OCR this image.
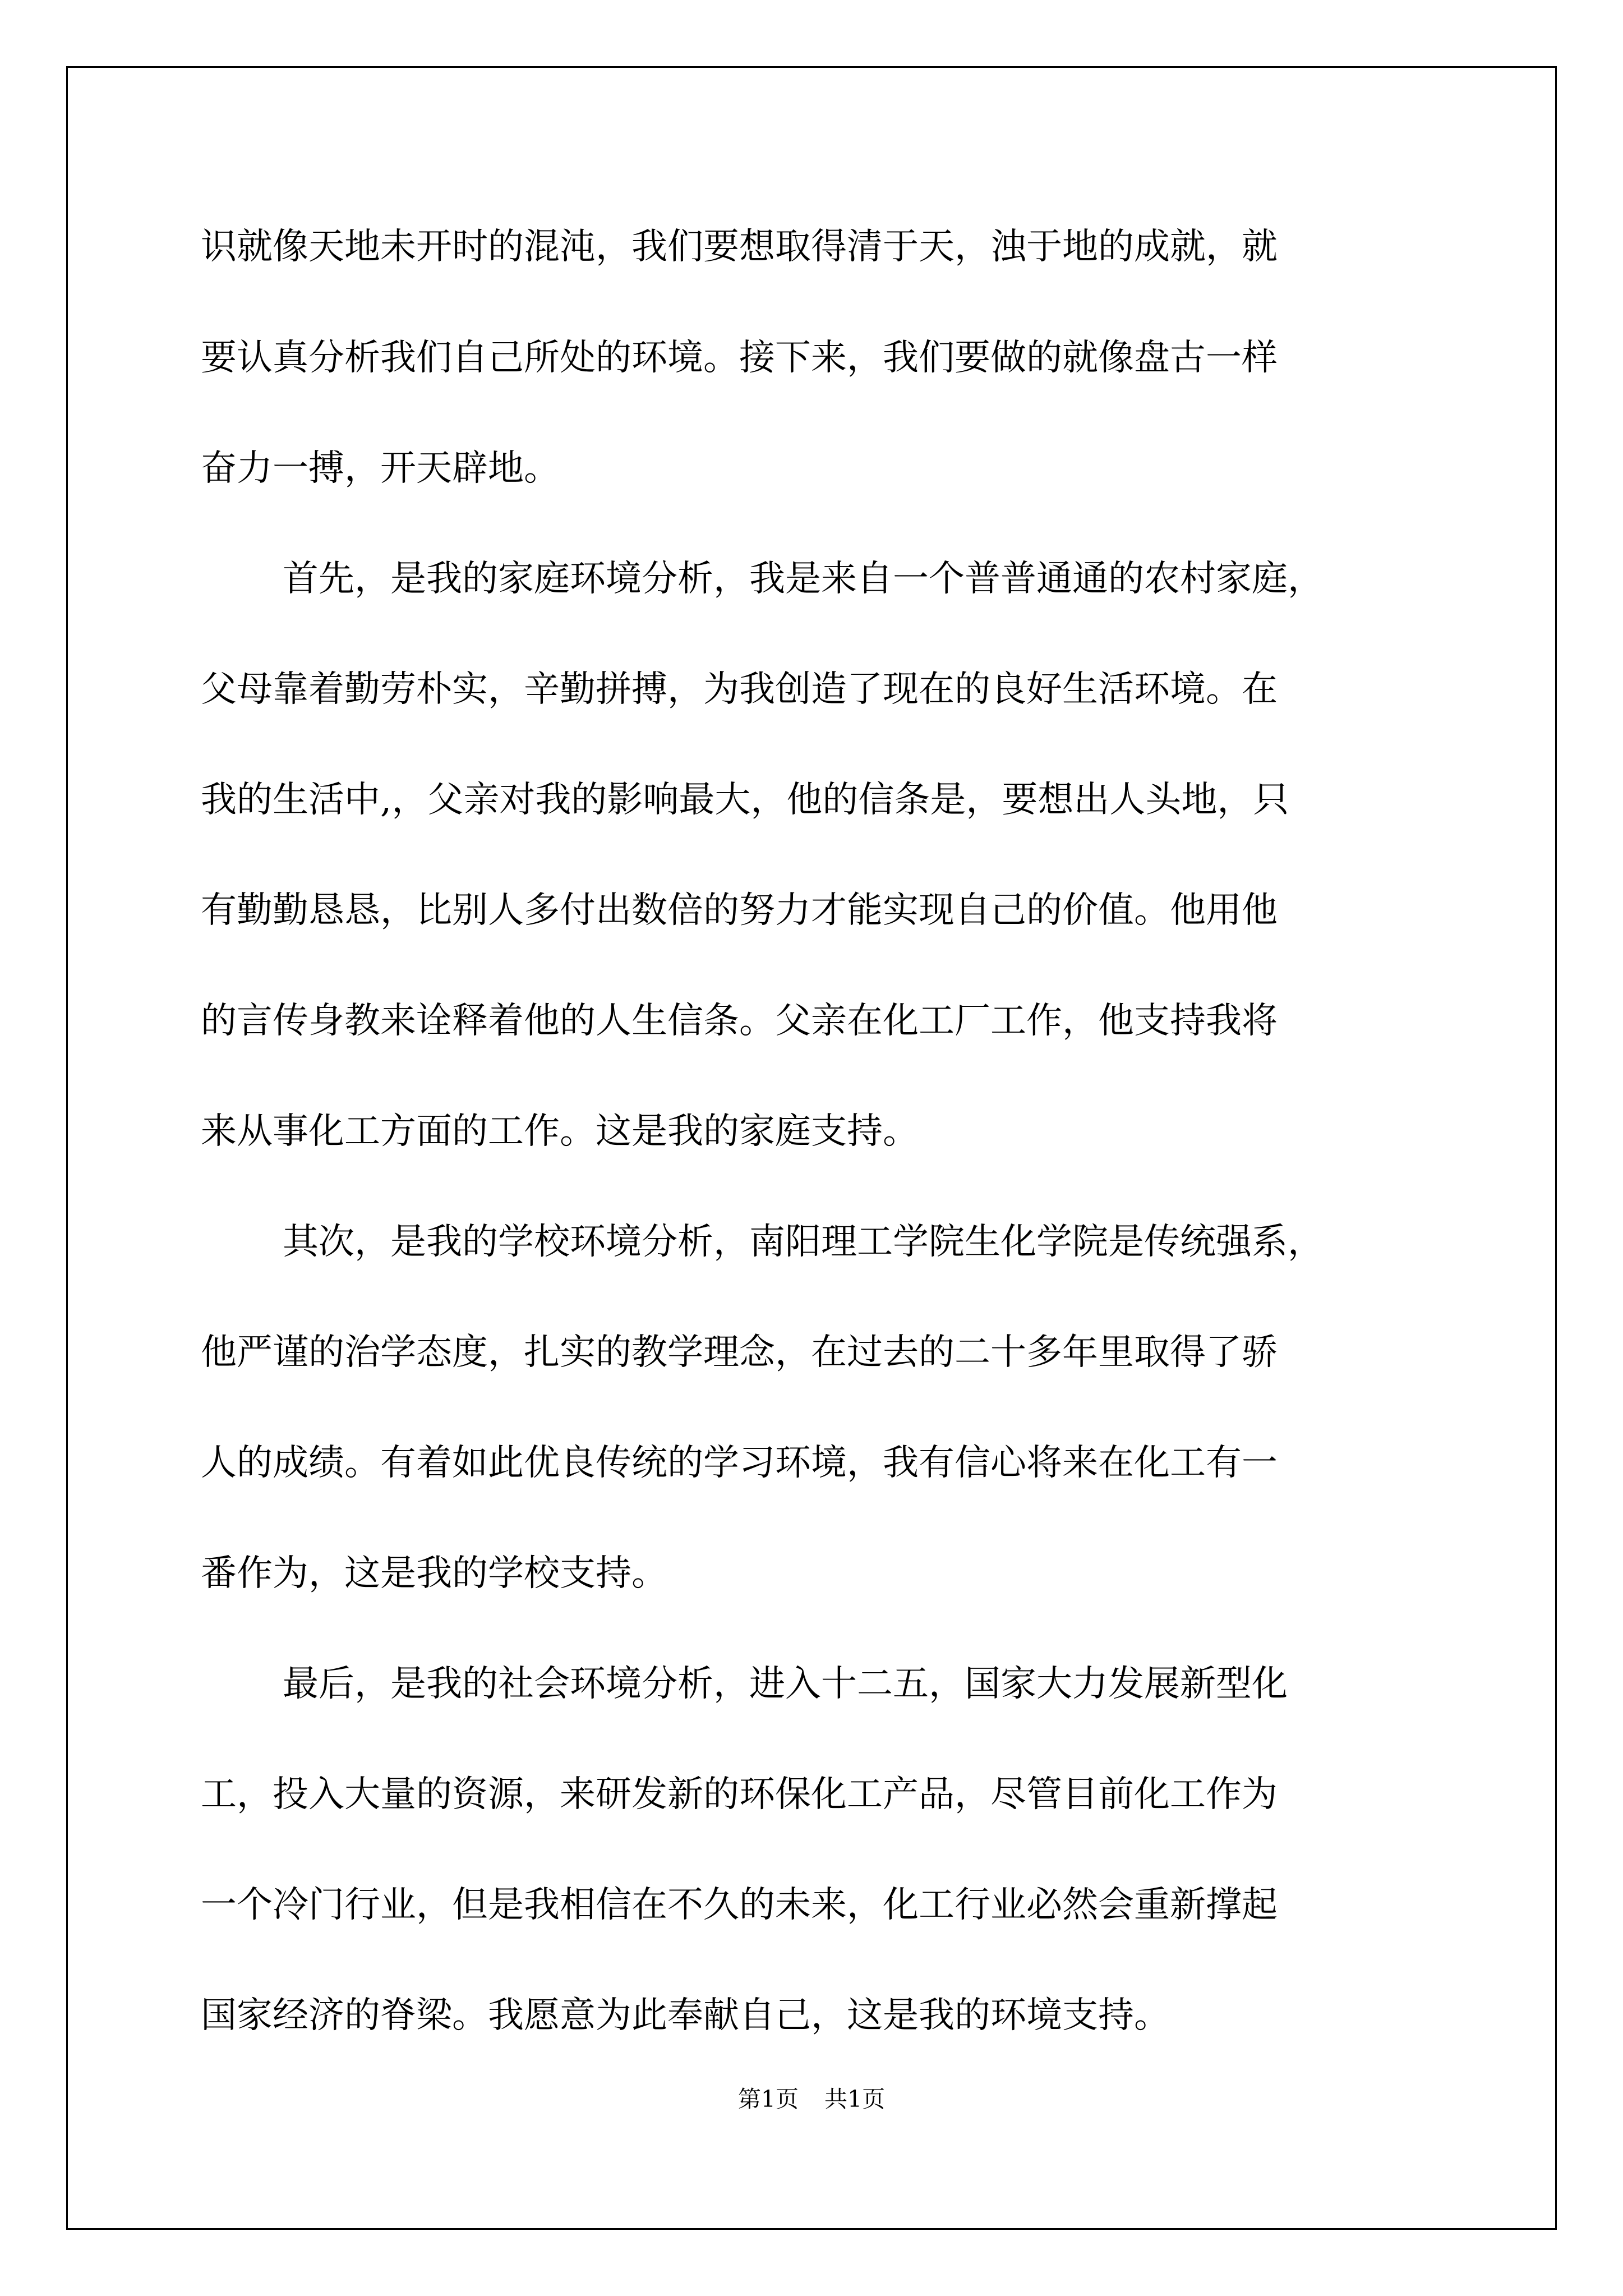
识就像天地未开时的混沌，我们要想取得清于天，浊于地的成就，就
要认真分析我们自己所处的环境。接下来，我们要做的就像盘古一样
奋力一搏，开天辟地。
首先，是我的家庭环境分析，我是来自一个普普通通的农村家庭，
父母靠着勤劳朴实，辛勤拼搏，为我创造了现在的良好生活环境。在
我的生活中,，父亲对我的影响最大，他的信条是，要想出人头地，只
有勤勤恳恳，比别人多付出数倍的努力才能实现自己的价值。他用他
的言传身教来诠释着他的人生信条。父亲在化工厂工作，他支持我将
来从事化工方面的工作。这是我的家庭支持。
其次，是我的学校环境分析，南阳理工学院生化学院是传统强系，
他严谨的治学态度，扎实的教学理念，在过去的二十多年里取得了骄
人的成绩。有着如此优良传统的学习环境，我有信心将来在化工有一
番作为，这是我的学校支持。
最后，是我的社会环境分析，进入十二五，国家大力发展新型化
工，投入大量的资源，来研发新的环保化工产品，尽管目前化工作为
一个冷门行业，但是我相信在不久的未来，化工行业必然会重新撑起
国家经济的脊梁。我愿意为此奉献自己，这是我的环境支持。
第1页 共1页
